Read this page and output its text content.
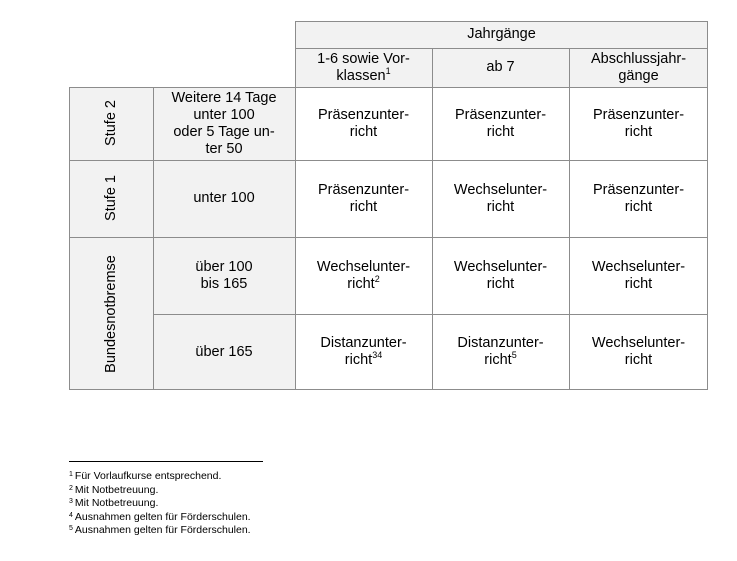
Jahrgänge
1-6 sowie Vor-
klassen$^1$	ab 7
Abschlussjahr-
gänge
Stufe 2
Stufe 1
Bundesnotbremse
Weitere 14 Tage
unter 100
oder 5 Tage un-
ter 50
unter 100
über 100
bis 165
über 165
Präsenzunter-
richt
Präsenzunter-
richt
Präsenzunter-
richt
Präsenzunter-
richt
Wechselunter-
richt
Präsenzunter-
richt
Wechselunter-
richt$^2$
Wechselunter-
richt
Wechselunter-
richt
Distanzunter-
richt$^{34}$
Distanzunter-
richt$^5$
Wechselunter-
richt
$^1$ Für Vorlaufkurse entsprechend.
$^2$ Mit Notbetreuung.
$^3$ Mit Notbetreuung.
$^4$ Ausnahmen gelten für Förderschulen.
$^5$ Ausnahmen gelten für Förderschulen.
